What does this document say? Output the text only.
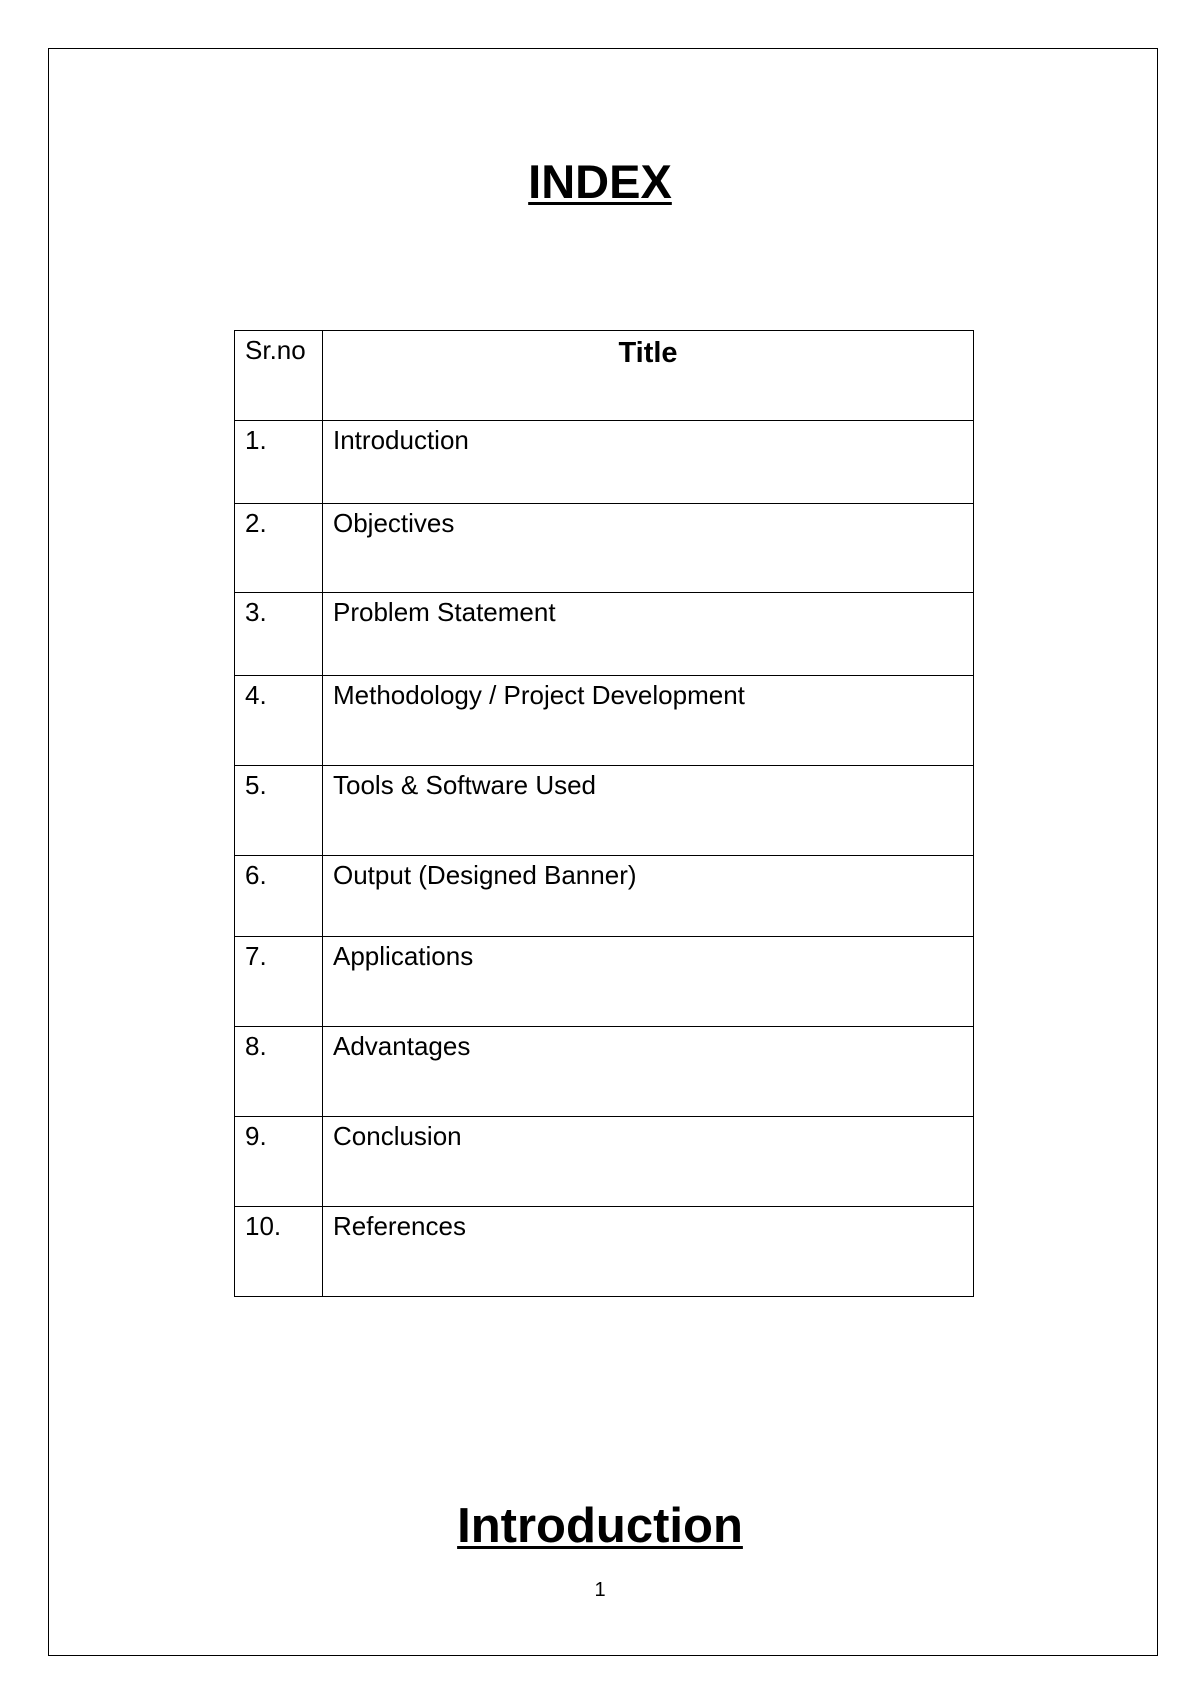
INDEX
Sr.no	Title
1.	Introduction
2.	Objectives
3.	Problem Statement
4.	Methodology / Project Development
5.	Tools & Software Used
6.	Output (Designed Banner)
7.	Applications
8.	Advantages
9.	Conclusion
10.	References
Introduction
1
